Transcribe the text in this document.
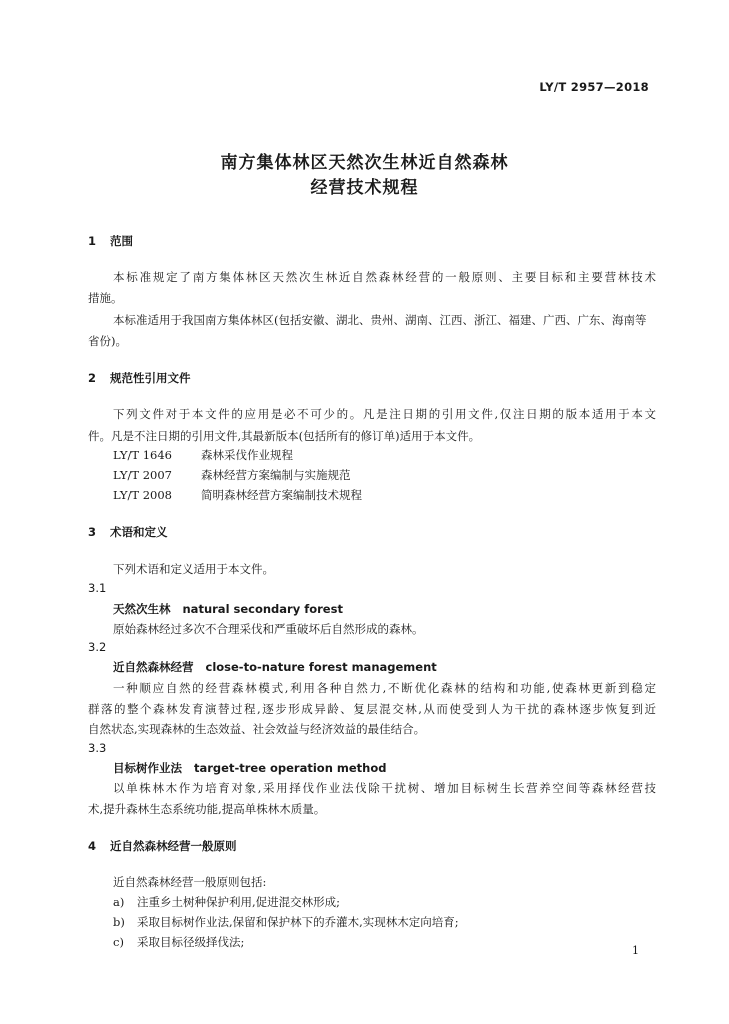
LY/T 2957—2018
南方集体林区天然次生林近自然森林
经营技术规程
1 范围
本标准规定了南方集体林区天然次生林近自然森林经营的一般原则、主要目标和主要营林技术
措施。
本标准适用于我国南方集体林区(包括安徽、湖北、贵州、湖南、江西、浙江、福建、广西、广东、海南等
省份)。
2 规范性引用文件
下列文件对于本文件的应用是必不可少的。凡是注日期的引用文件,仅注日期的版本适用于本文
件。凡是不注日期的引用文件,其最新版本(包括所有的修订单)适用于本文件。
LY/T 1646	森林采伐作业规程
LY/T 2007	森林经营方案编制与实施规范
LY/T 2008	简明森林经营方案编制技术规程
3 术语和定义
下列术语和定义适用于本文件。
3.1
天然次生林 natural secondary forest
原始森林经过多次不合理采伐和严重破坏后自然形成的森林。
3.2
近自然森林经营 close-to-nature forest management
一种顺应自然的经营森林模式,利用各种自然力,不断优化森林的结构和功能,使森林更新到稳定
群落的整个森林发育演替过程,逐步形成异龄、复层混交林,从而使受到人为干扰的森林逐步恢复到近
自然状态,实现森林的生态效益、社会效益与经济效益的最佳结合。
3.3
目标树作业法 target-tree operation method
以单株林木作为培育对象,采用择伐作业法伐除干扰树、增加目标树生长营养空间等森林经营技
术,提升森林生态系统功能,提高单株林木质量。
4 近自然森林经营一般原则
近自然森林经营一般原则包括:
a) 注重乡土树种保护利用,促进混交林形成;
b) 采取目标树作业法,保留和保护林下的乔灌木,实现林木定向培育;
c) 采取目标径级择伐法;
1
